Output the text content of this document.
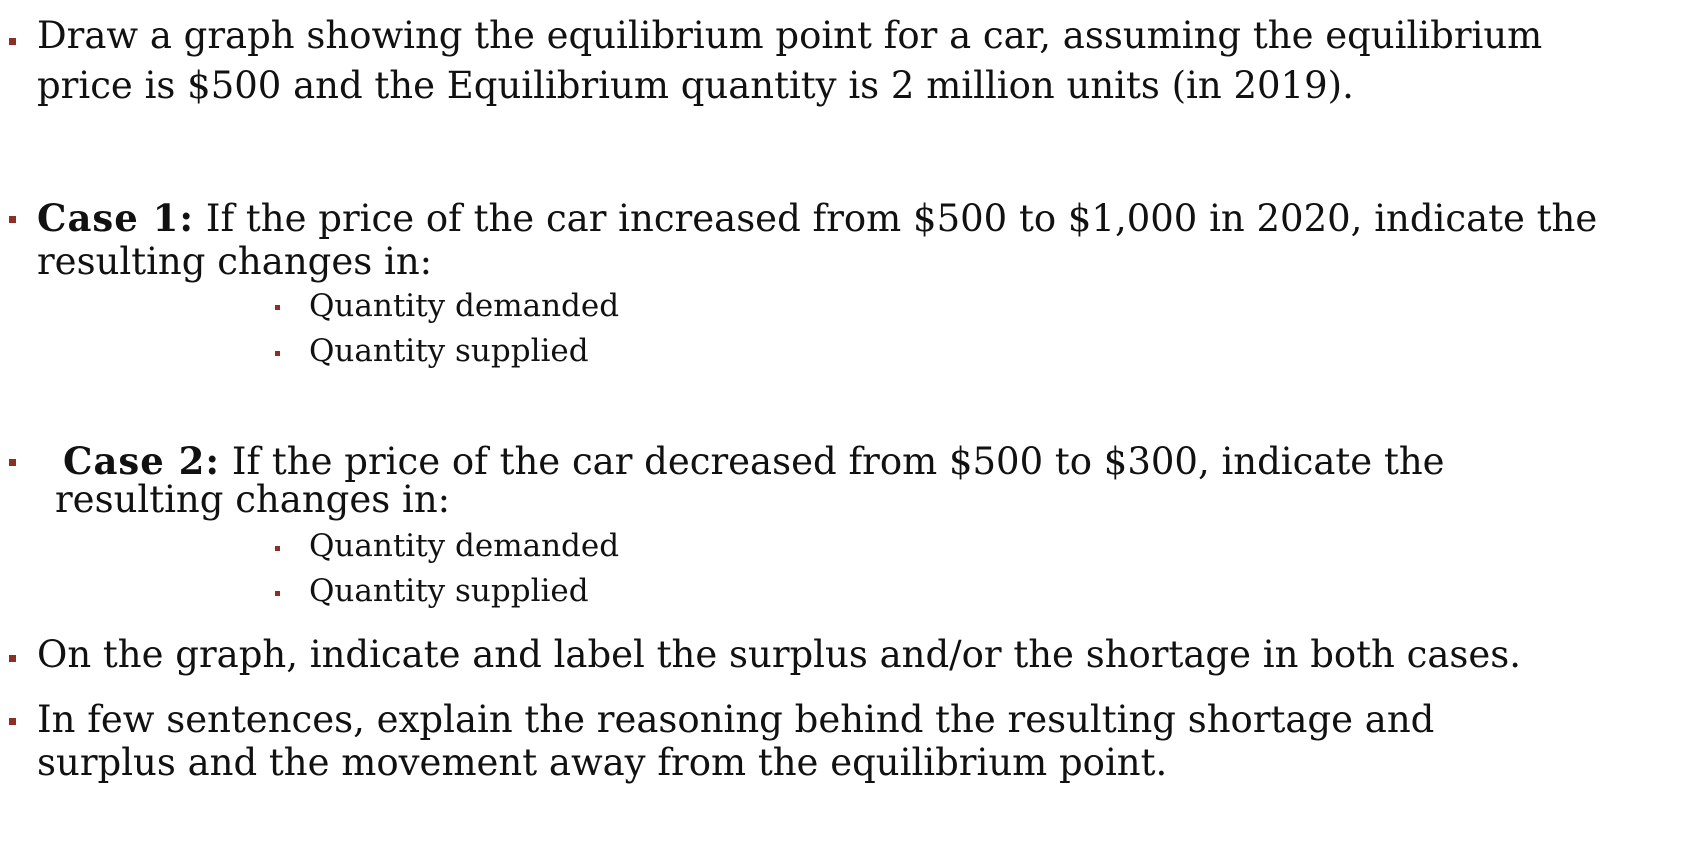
Draw a graph showing the equilibrium point for a car, assuming the equilibrium
price is $500 and the Equilibrium quantity is 2 million units (in 2019).
Case 1: If the price of the car increased from $500 to $1,000 in 2020, indicate the
resulting changes in:
Quantity demanded
Quantity supplied
Case 2: If the price of the car decreased from $500 to $300, indicate the
resulting changes in:
Quantity demanded
Quantity supplied
On the graph, indicate and label the surplus and/or the shortage in both cases.
In few sentences, explain the reasoning behind the resulting shortage and
surplus and the movement away from the equilibrium point.
